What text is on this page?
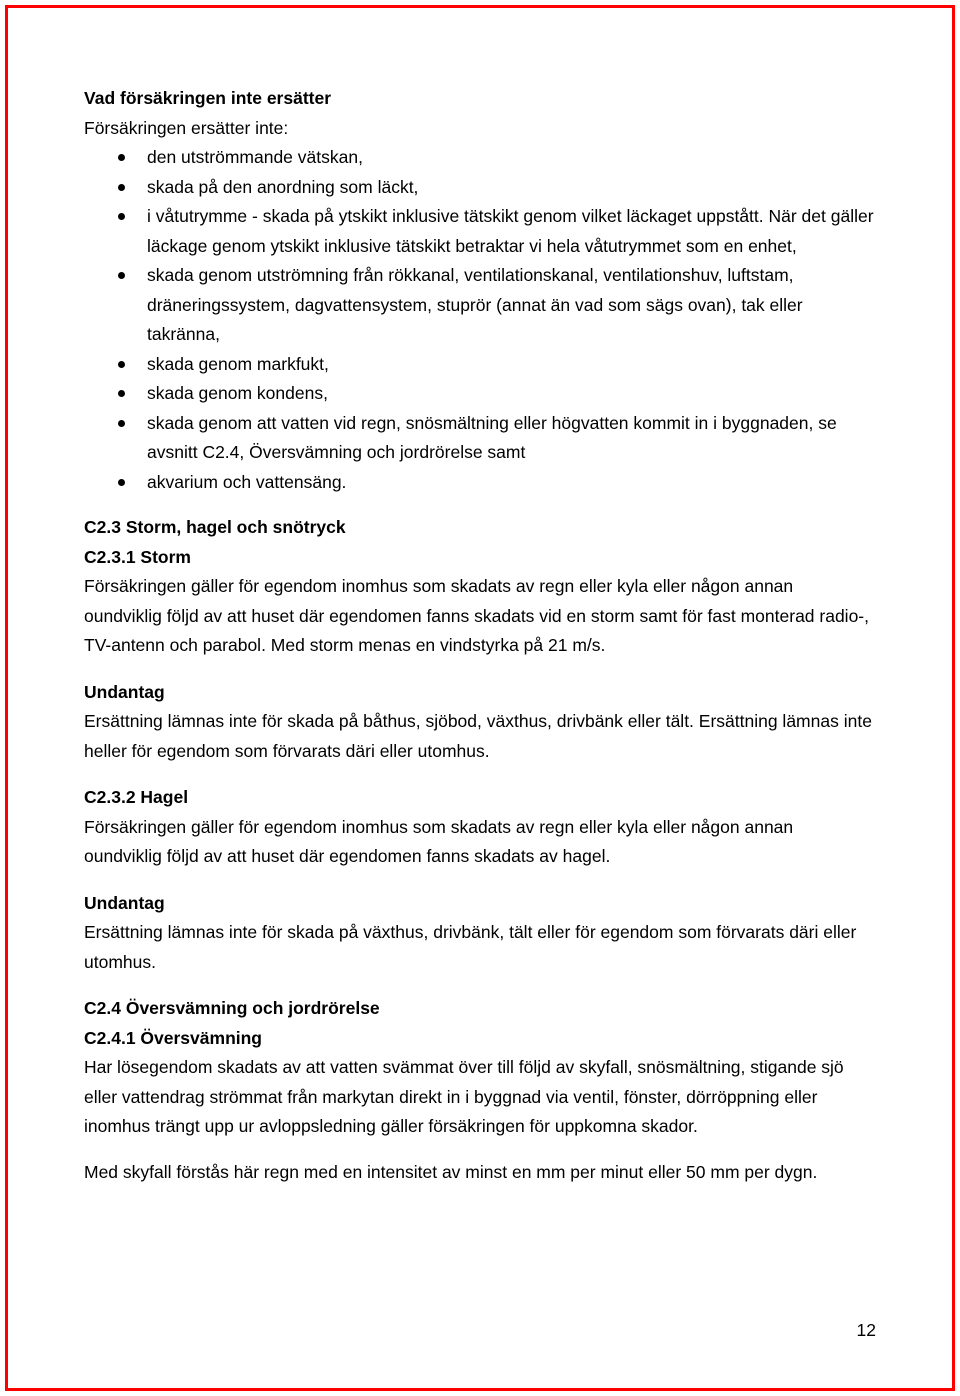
Vad försäkringen inte ersätter

Försäkringen ersätter inte:

den utströmmande vätskan,
skada på den anordning som läckt,
i våtutrymme - skada på ytskikt inklusive tätskikt genom vilket läckaget uppstått. När det gäller läckage genom ytskikt inklusive tätskikt betraktar vi hela våtutrymmet som en enhet,
skada genom utströmning från rökkanal, ventilationskanal, ventilationshuv, luftstam, dräneringssystem, dagvattensystem, stuprör (annat än vad som sägs ovan), tak eller takränna,
skada genom markfukt,
skada genom kondens,
skada genom att vatten vid regn, snösmältning eller högvatten kommit in i byggnaden, se avsnitt C2.4, Översvämning och jordrörelse samt
akvarium och vattensäng.

C2.3 Storm, hagel och snötryck

C2.3.1 Storm

Försäkringen gäller för egendom inomhus som skadats av regn eller kyla eller någon annan oundviklig följd av att huset där egendomen fanns skadats vid en storm samt för fast monterad radio-, TV-antenn och parabol. Med storm menas en vindstyrka på 21 m/s.

Undantag

Ersättning lämnas inte för skada på båthus, sjöbod, växthus, drivbänk eller tält. Ersättning lämnas inte heller för egendom som förvarats däri eller utomhus.

C2.3.2 Hagel

Försäkringen gäller för egendom inomhus som skadats av regn eller kyla eller någon annan oundviklig följd av att huset där egendomen fanns skadats av hagel.

Undantag

Ersättning lämnas inte för skada på växthus, drivbänk, tält eller för egendom som förvarats däri eller utomhus.

C2.4 Översvämning och jordrörelse

C2.4.1 Översvämning

Har lösegendom skadats av att vatten svämmat över till följd av skyfall, snösmältning, stigande sjö eller vattendrag strömmat från markytan direkt in i byggnad via ventil, fönster, dörröppning eller inomhus trängt upp ur avloppsledning gäller försäkringen för uppkomna skador.

Med skyfall förstås här regn med en intensitet av minst en mm per minut eller 50 mm per dygn.

12
